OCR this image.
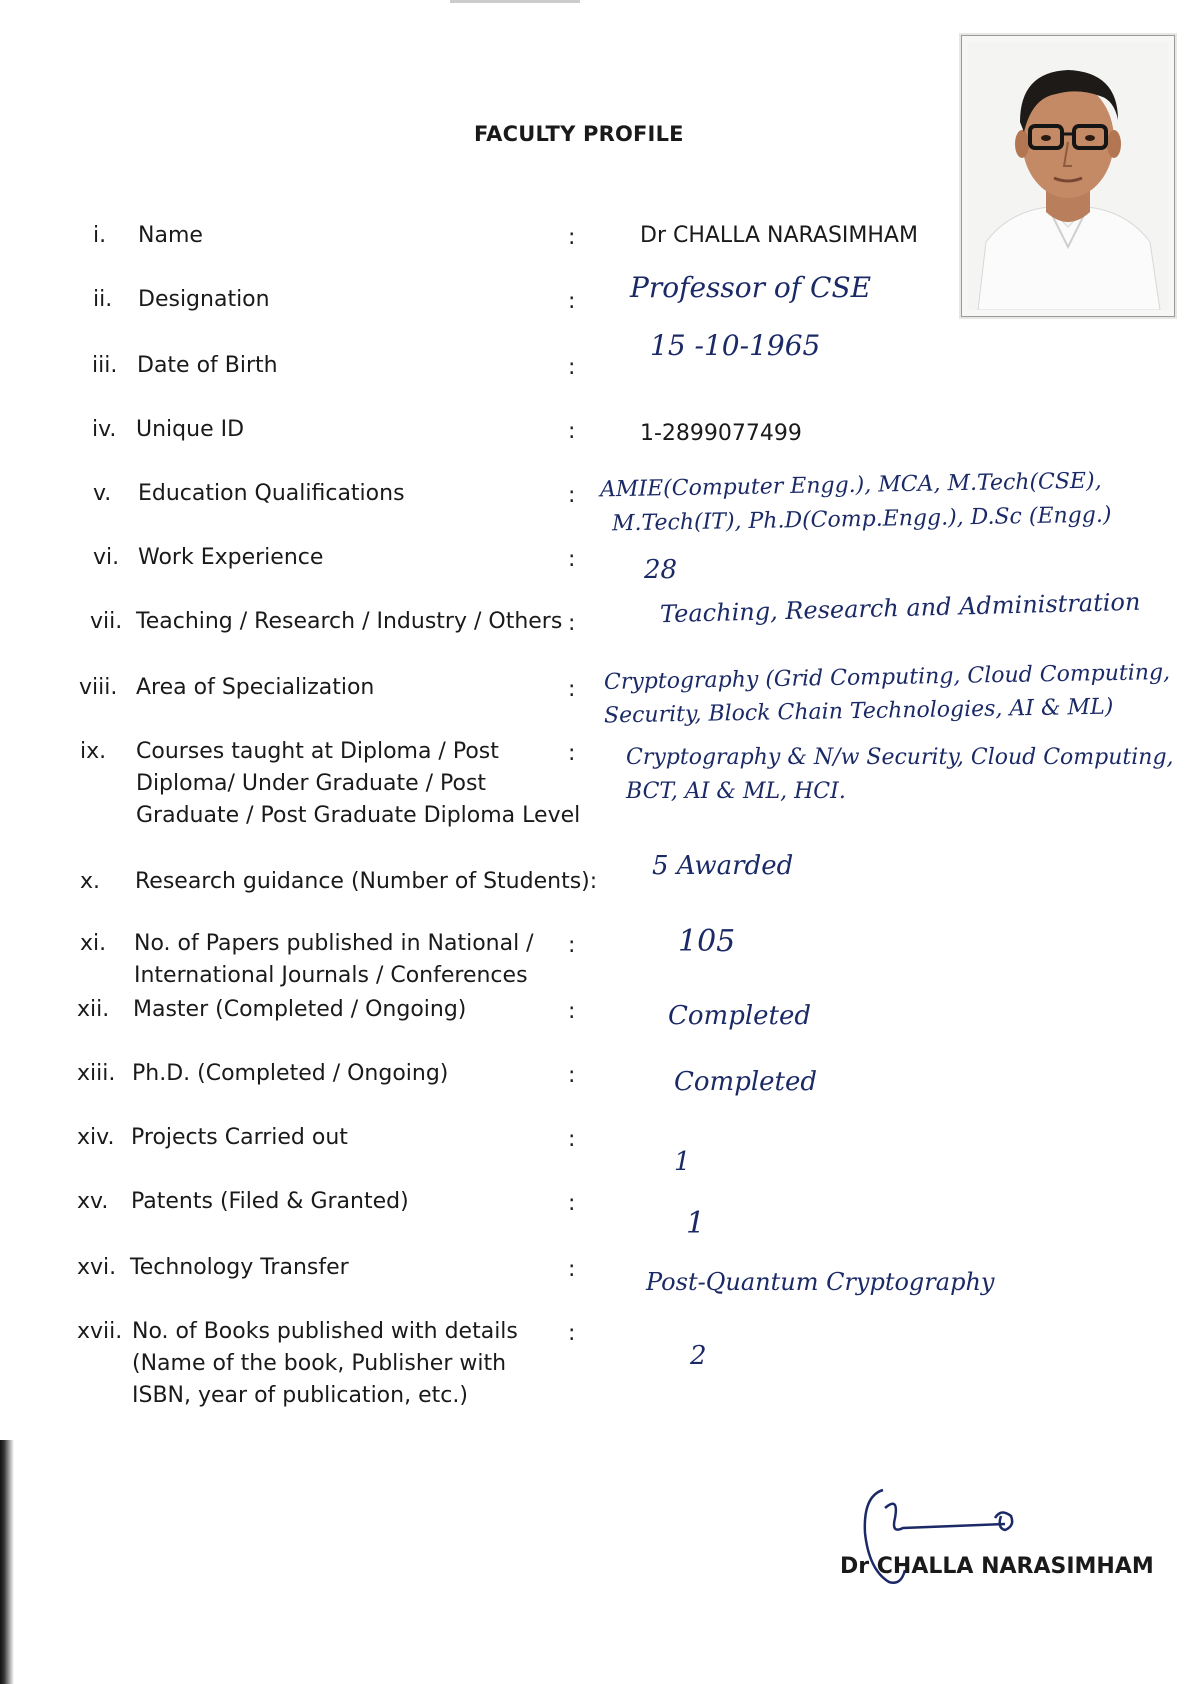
FACULTY PROFILE
i. Name	:	Dr CHALLA NARASIMHAM
ii. Designation	: Professor of CSE
iii. Date of Birth	:
15 -10-1965
iv. Unique ID	:	1-2899077499
v. Education Qualifications	: AMIE(Computer Engg.), MCA, M.Tech(CSE),
M.Tech(IT), Ph.D(Comp.Engg.), D.Sc (Engg.)
vi. Work Experience	:	28
vii. Teaching / Research / Industry / Others :	Teaching, Research and Administration
viii. Area of Specialization	: Cryptography (Grid Computing, Cloud Computing,
Security, Block Chain Technologies, AI & ML)
ix. Courses taught at Diploma / Post
Diploma/ Under Graduate / Post
Graduate / Post Graduate Diploma Level
: Cryptography & N/w Security, Cloud Computing,
BCT, AI & ML, HCI.
x. Research guidance (Number of Students):
5 Awarded
xi. No. of Papers published in National /
International Journals / Conferences
:	105
xii. Master (Completed / Ongoing)	:	Completed
xiii. Ph.D. (Completed / Ongoing)	:	Completed
xiv. Projects Carried out	:
1
xv. Patents (Filed & Granted)	:
1
xvi. Technology Transfer	:	Post-Quantum Cryptography
xvii. No. of Books published with details
(Name of the book, Publisher with
ISBN, year of publication, etc.)
:
2
Dr CHALLA NARASIMHAM
